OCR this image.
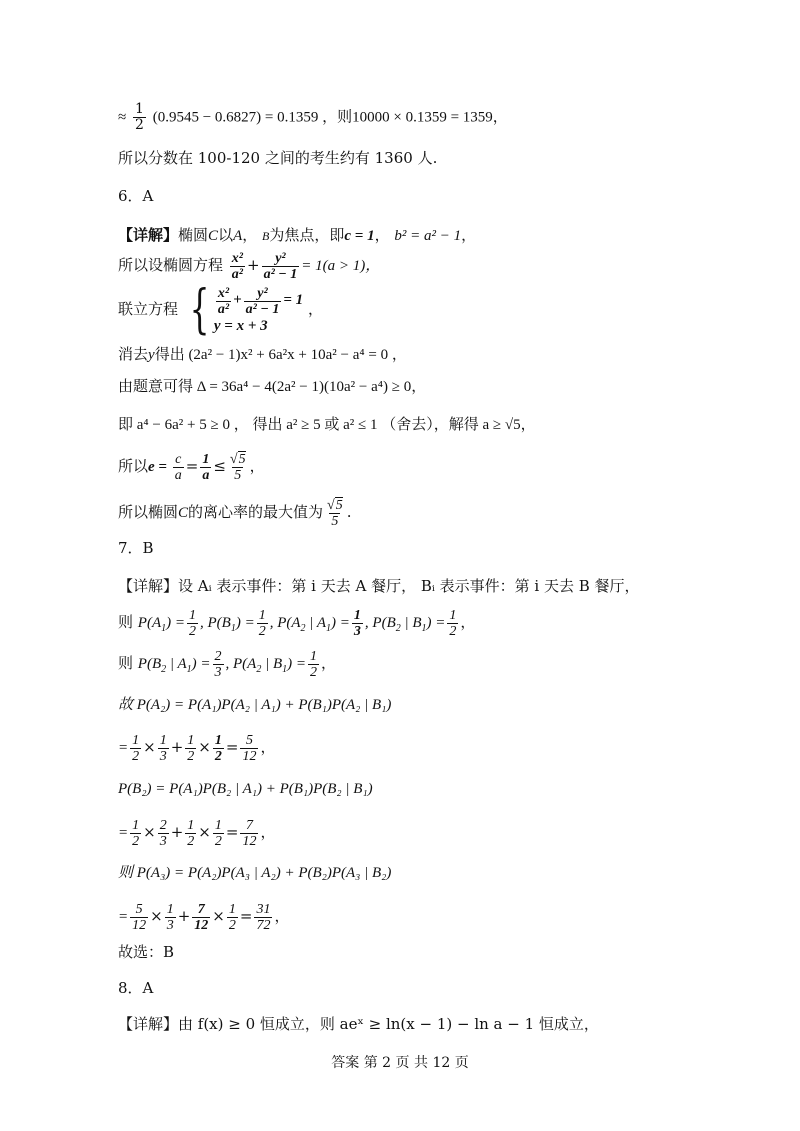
≈ $\frac{1}{2} (0.9545 - 0.6827) = 0.1359$ ，则10000 × 0.1359 = 1359，
所以分数在 100-120 之间的考生约有 1360 人.
6．A
【详解】椭圆C以A， B为焦点，即c = 1， b² = a² − 1，
所以设椭圆方程 $\frac{\text{x²}}{\text{a²}} + \frac{\text{y²}}{\text{a² − 1}} = 1(a > 1)$，
联立方程 { $\frac{\text{x²}}{\text{a²}} + \frac{\text{y²}}{\text{a² − 1}} = 1$
y = x + 3
，
消去y得出 (2a² − 1)x² + 6a²x + 10a² − a⁴ = 0 ，
由题意可得 Δ = 36a⁴ − 4(2a² − 1)(10a² − a⁴) ≥ 0，
即 a⁴ − 6a² + 5 ≥ 0 ， 得出 a² ≥ 5 或 a² ≤ 1 （舍去），解得 a ≥ √5，
所以$e = \frac{c}{a} = \frac{1}{a} \le \frac{√5}{5}$ ，
所以椭圆C的离心率的最大值为 $\frac{√5}{5}$ .
7．B
【详解】设 Aᵢ 表示事件：第 i 天去 A 餐厅， Bᵢ 表示事件：第 i 天去 B 餐厅，
则 $P(A_1) = \frac{1}{2}$ , $P(B_1) = \frac{1}{2}$ , $P(A_2$ | $A_1) = \frac{1}{3}$ , $P(B_2$ | $B_1) = \frac{1}{2}$ ，
则 $P(B_2$ | $A_1) = \frac{2}{3}$ , $P(A_2$ | $B_1) = \frac{1}{2}$ ，
故 P(A₂) = P(A₁)P(A₂ | A₁) + P(B₁)P(A₂ | B₁)
= $\frac{1}{2} \times \frac{1}{3} + \frac{1}{2} \times \frac{1}{2} = \frac{5}{12}$ ，
P(B₂) = P(A₁)P(B₂ | A₁) + P(B₁)P(B₂ | B₁)
= $\frac{1}{2} \times \frac{2}{3} + \frac{1}{2} \times \frac{1}{2} = \frac{7}{12}$ ，
则 P(A₃) = P(A₂)P(A₃ | A₂) + P(B₂)P(A₃ | B₂)
= $\frac{5}{12} \times \frac{1}{3} + \frac{7}{12} \times \frac{1}{2} = \frac{31}{72}$ ，
故选：B
8．A
【详解】由 f(x) ≥ 0 恒成立，则 aeˣ ≥ ln(x − 1) − ln a − 1 恒成立，
答案 第 2 页 共 12 页
